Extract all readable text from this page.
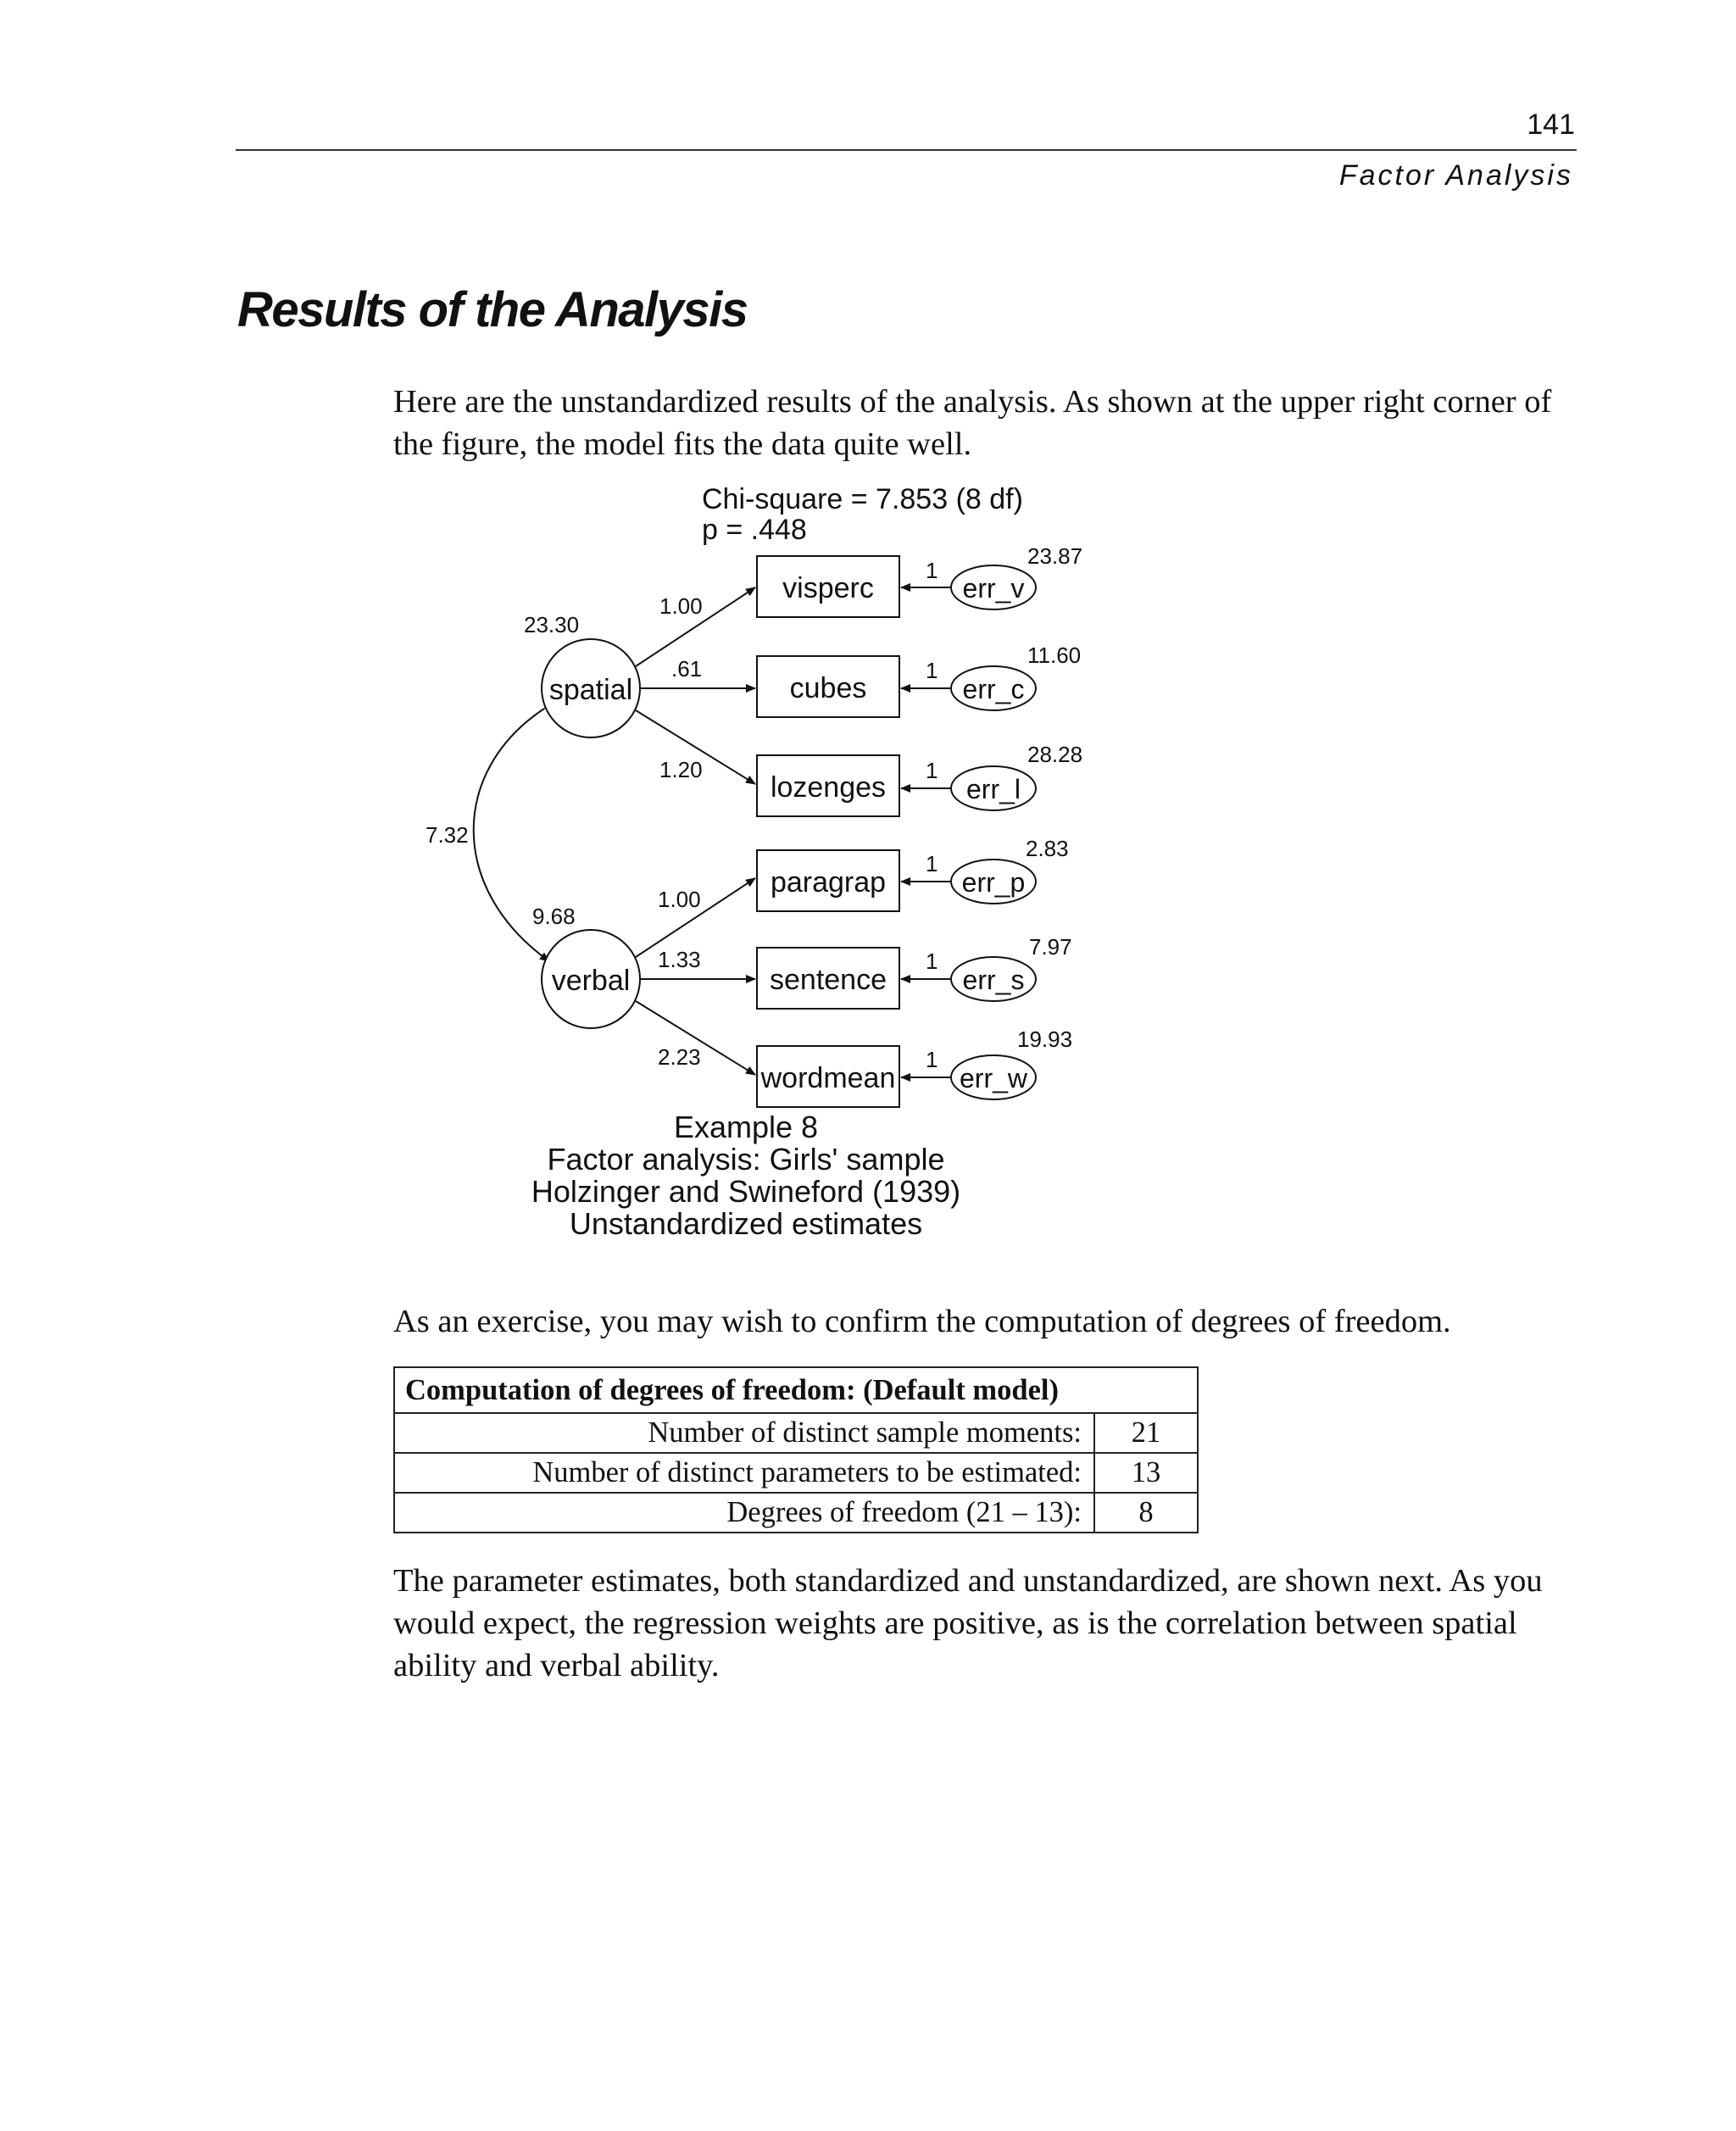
141
Factor Analysis
Results of the Analysis
Here are the unstandardized results of the analysis. As shown at the upper right corner of the figure, the model fits the data quite well.
Chi-square = 7.853 (8 df)
p = .448
7.32
spatial
23.30
verbal
9.68
1.00
.61
1.20
1.00
1.33
2.23
visperc
cubes
lozenges
paragrap
sentence
wordmean
1
1
1
1
1
1
err_v
err_c
err_l
err_p
err_s
err_w
23.87
11.60
28.28
2.83
7.97
19.93
Example 8
Factor analysis: Girls' sample
Holzinger and Swineford (1939)
Unstandardized estimates
As an exercise, you may wish to confirm the computation of degrees of freedom.
Computation of degrees of freedom: (Default model)	
Number of distinct sample moments:	21
Number of distinct parameters to be estimated:	13
Degrees of freedom (21 – 13):	8
The parameter estimates, both standardized and unstandardized, are shown next. As you would expect, the regression weights are positive, as is the correlation between spatial ability and verbal ability.
